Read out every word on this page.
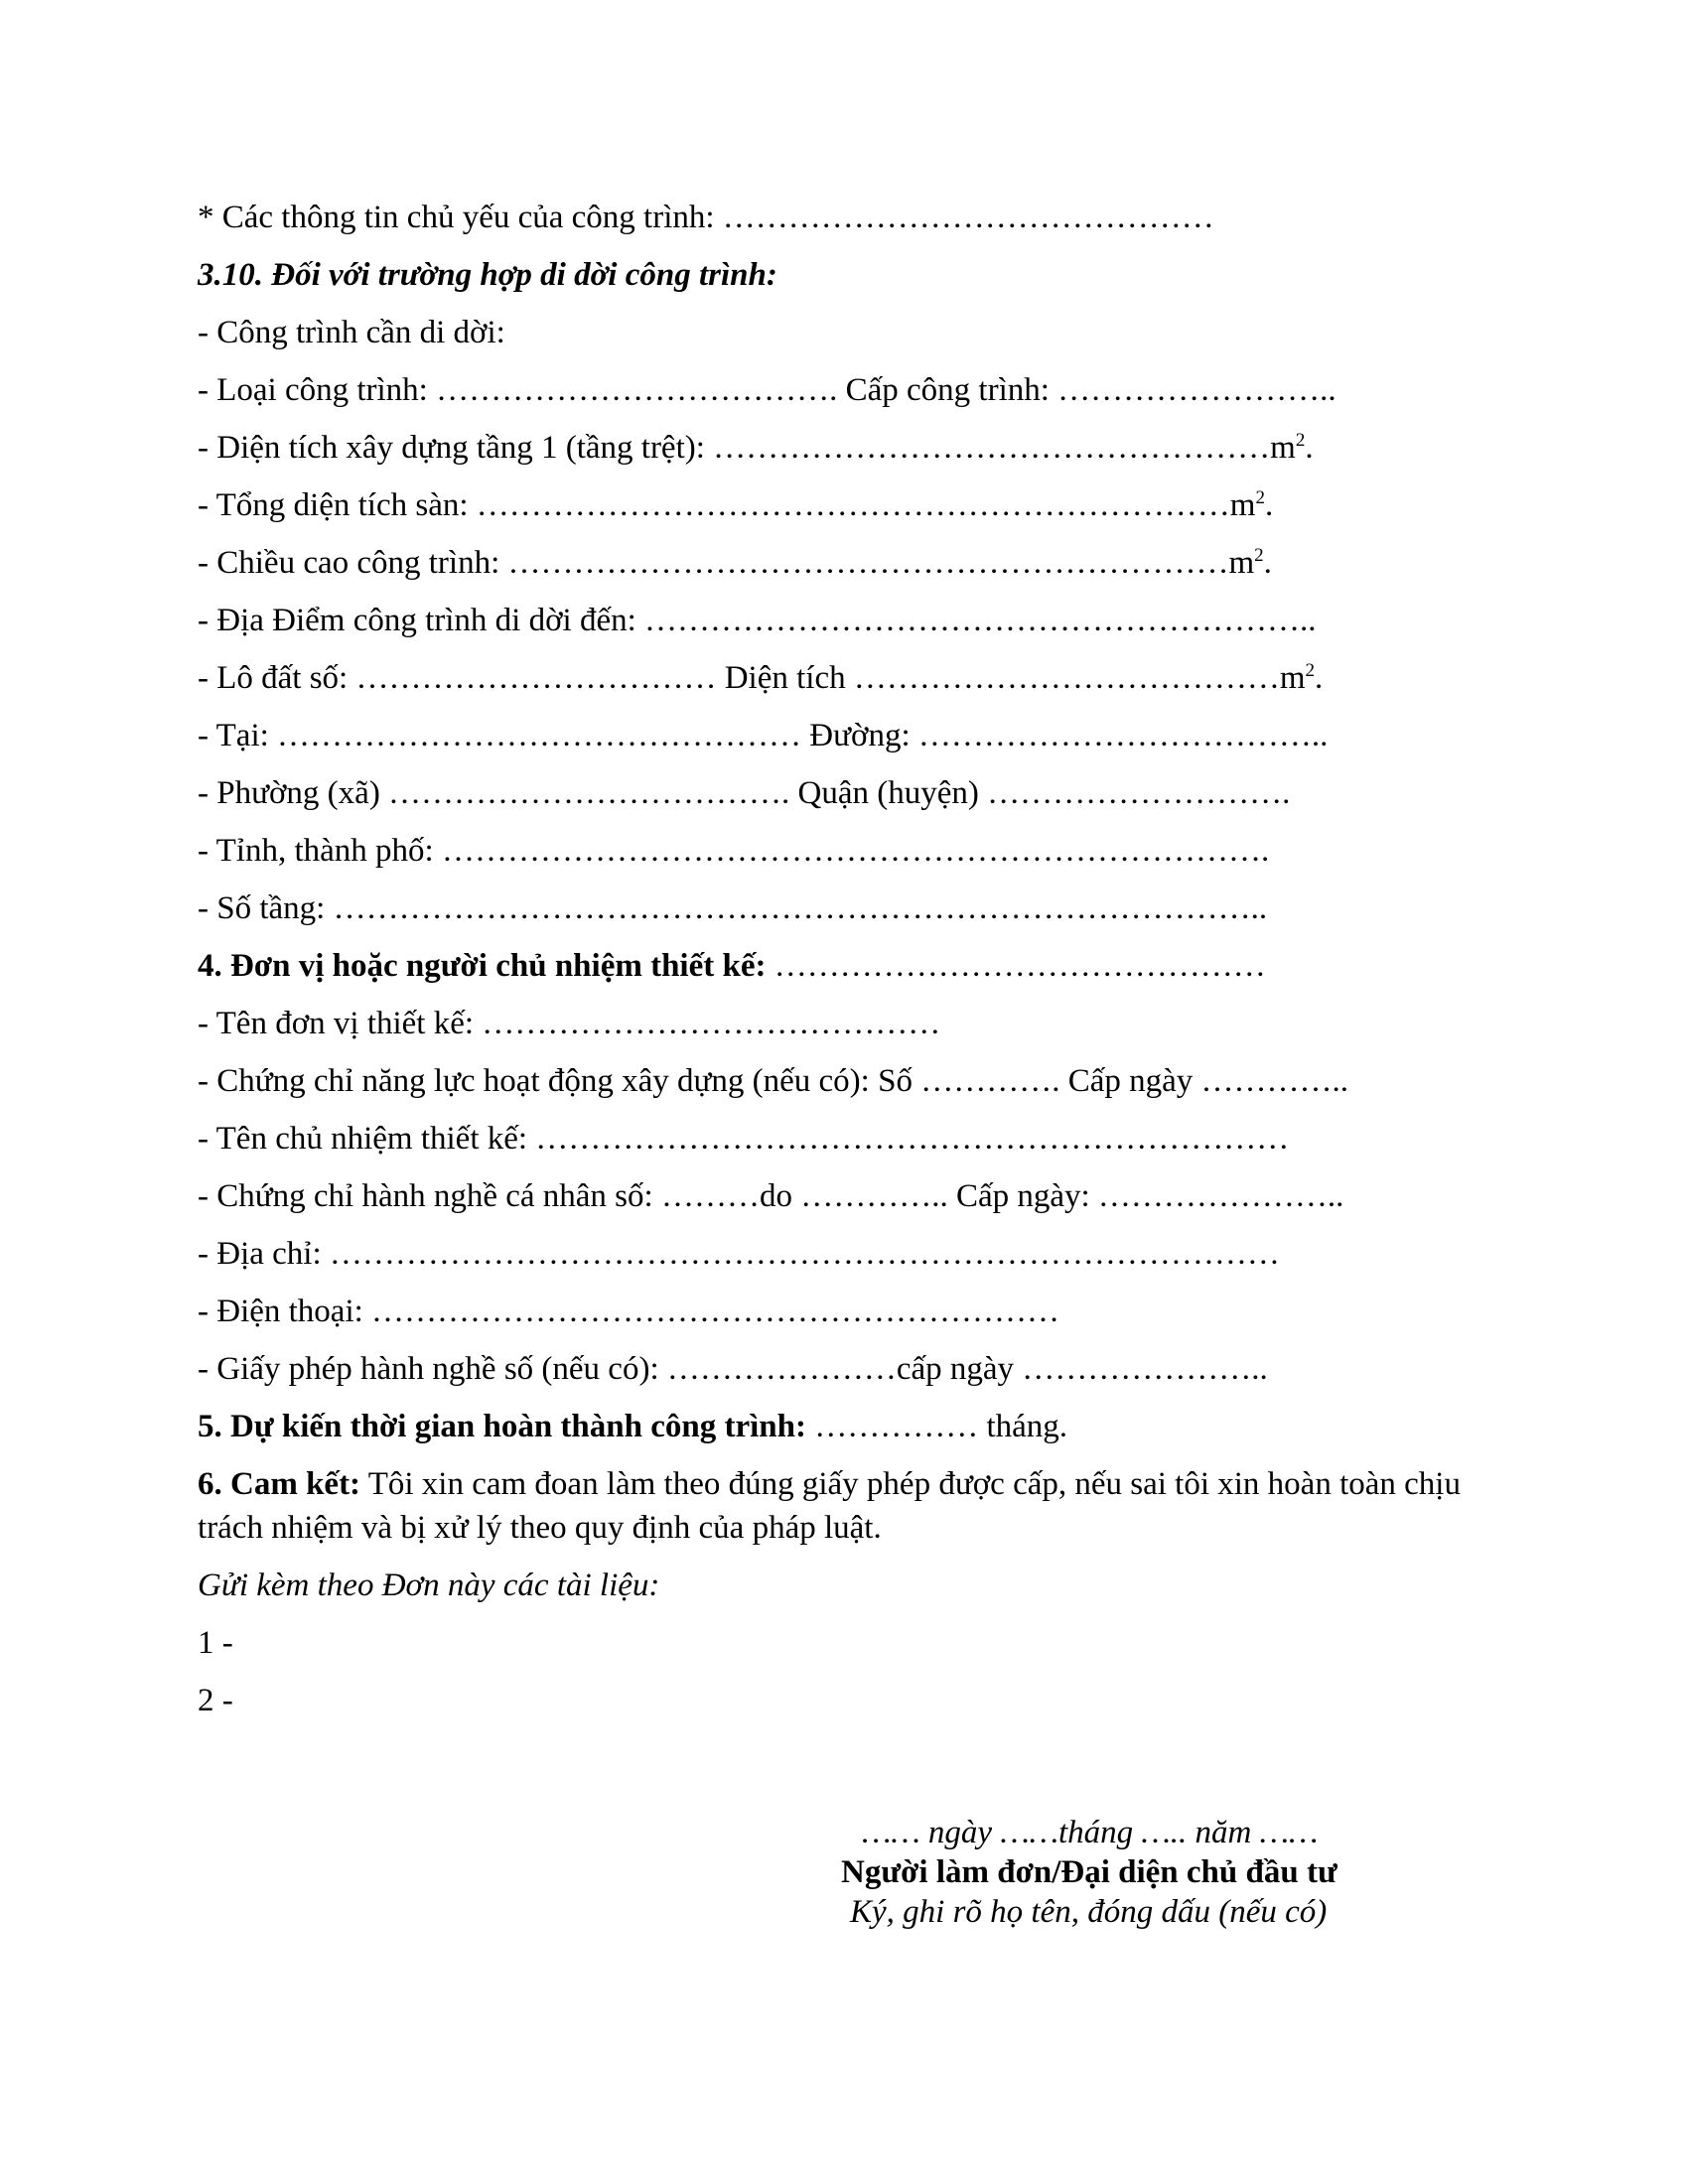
* Các thông tin chủ yếu của công trình: ………………………………………
3.10. Đối với trường hợp di dời công trình:
- Công trình cần di dời:
- Loại công trình: ………………………………. Cấp công trình: ……………………..
- Diện tích xây dựng tầng 1 (tầng trệt): $\dots\dots\dots\dots\dots\dots\dots\dots\dots\dots\dots\dots\dots\dots\dots\dots\dots m^2$.
- Tổng diện tích sàn: $\dots\dots\dots\dots\dots\dots\dots\dots\dots\dots\dots\dots\dots\dots\dots\dots\dots\dots\dots\dots\dots\dots\dots m^2$.
- Chiều cao công trình: $\dots\dots\dots\dots\dots\dots\dots\dots\dots\dots\dots\dots\dots\dots\dots\dots\dots\dots\dots\dots\dots\dots m^2$.
- Địa Điểm công trình di dời đến: ……………………………………………………..
- Lô đất số: …………………………… Diện tích $\dots\dots\dots\dots\dots\dots\dots\dots\dots\dots\dots\dots\dots m^2$.
- Tại: ………………………………………… Đường: ………………………………..
- Phường (xã) ………………………………. Quận (huyện) ……………………….
- Tỉnh, thành phố: ………………………………………………………………….
- Số tầng: …………………………………………………………………………..
4. Đơn vị hoặc người chủ nhiệm thiết kế: ………………………………………
- Tên đơn vị thiết kế: ……………………………………
- Chứng chỉ năng lực hoạt động xây dựng (nếu có): Số …………. Cấp ngày …………..
- Tên chủ nhiệm thiết kế: ……………………………………………………………
- Chứng chỉ hành nghề cá nhân số: ………do ………….. Cấp ngày: …………………..
- Địa chỉ: ……………………………………………………………………………
- Điện thoại: ………………………………………………………
- Giấy phép hành nghề số (nếu có): …………………cấp ngày …………………..
5. Dự kiến thời gian hoàn thành công trình: …………… tháng.
6. Cam kết: Tôi xin cam đoan làm theo đúng giấy phép được cấp, nếu sai tôi xin hoàn toàn chịu trách nhiệm và bị xử lý theo quy định của pháp luật.
Gửi kèm theo Đơn này các tài liệu:
1 -
2 -
…… ngày ……tháng ….. năm ……
Người làm đơn/Đại diện chủ đầu tư
Ký, ghi rõ họ tên, đóng dấu (nếu có)
